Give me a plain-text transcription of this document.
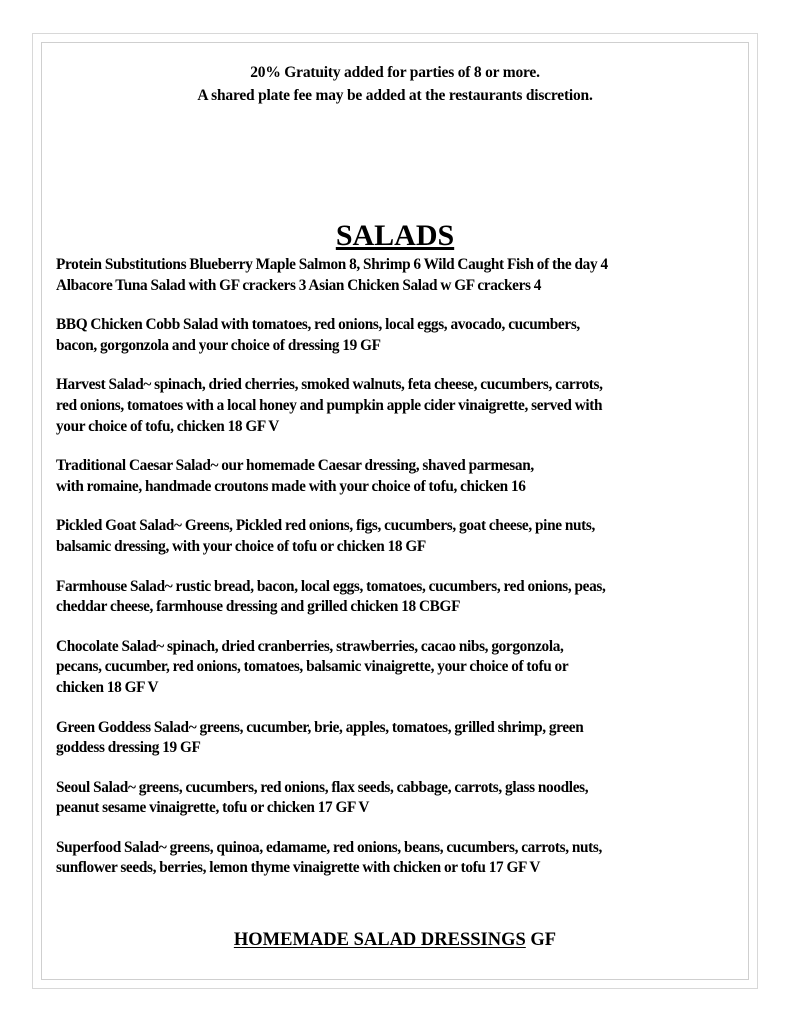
20% Gratuity added for parties of 8 or more.
A shared plate fee may be added at the restaurants discretion.
SALADS
Protein Substitutions Blueberry Maple Salmon 8, Shrimp 6 Wild Caught Fish of the day 4
Albacore Tuna Salad with GF crackers 3 Asian Chicken Salad w GF crackers 4
BBQ Chicken Cobb Salad with tomatoes, red onions, local eggs, avocado, cucumbers,
bacon, gorgonzola and your choice of dressing 19 GF
Harvest Salad~ spinach, dried cherries, smoked walnuts, feta cheese, cucumbers, carrots,
red onions, tomatoes with a local honey and pumpkin apple cider vinaigrette, served with
your choice of tofu, chicken 18 GF V
Traditional Caesar Salad~ our homemade Caesar dressing, shaved parmesan,
with romaine, handmade croutons made with your choice of tofu, chicken 16
Pickled Goat Salad~ Greens, Pickled red onions, figs, cucumbers, goat cheese, pine nuts,
balsamic dressing, with your choice of tofu or chicken 18 GF
Farmhouse Salad~ rustic bread, bacon, local eggs, tomatoes, cucumbers, red onions, peas,
cheddar cheese, farmhouse dressing and grilled chicken 18 CBGF
Chocolate Salad~ spinach, dried cranberries, strawberries, cacao nibs, gorgonzola,
pecans, cucumber, red onions, tomatoes, balsamic vinaigrette, your choice of tofu or
chicken 18 GF V
Green Goddess Salad~ greens, cucumber, brie, apples, tomatoes, grilled shrimp, green
goddess dressing 19 GF
Seoul Salad~ greens, cucumbers, red onions, flax seeds, cabbage, carrots, glass noodles,
peanut sesame vinaigrette, tofu or chicken 17 GF V
Superfood Salad~ greens, quinoa, edamame, red onions, beans, cucumbers, carrots, nuts,
sunflower seeds, berries, lemon thyme vinaigrette with chicken or tofu 17 GF V
HOMEMADE SALAD DRESSINGS GF
